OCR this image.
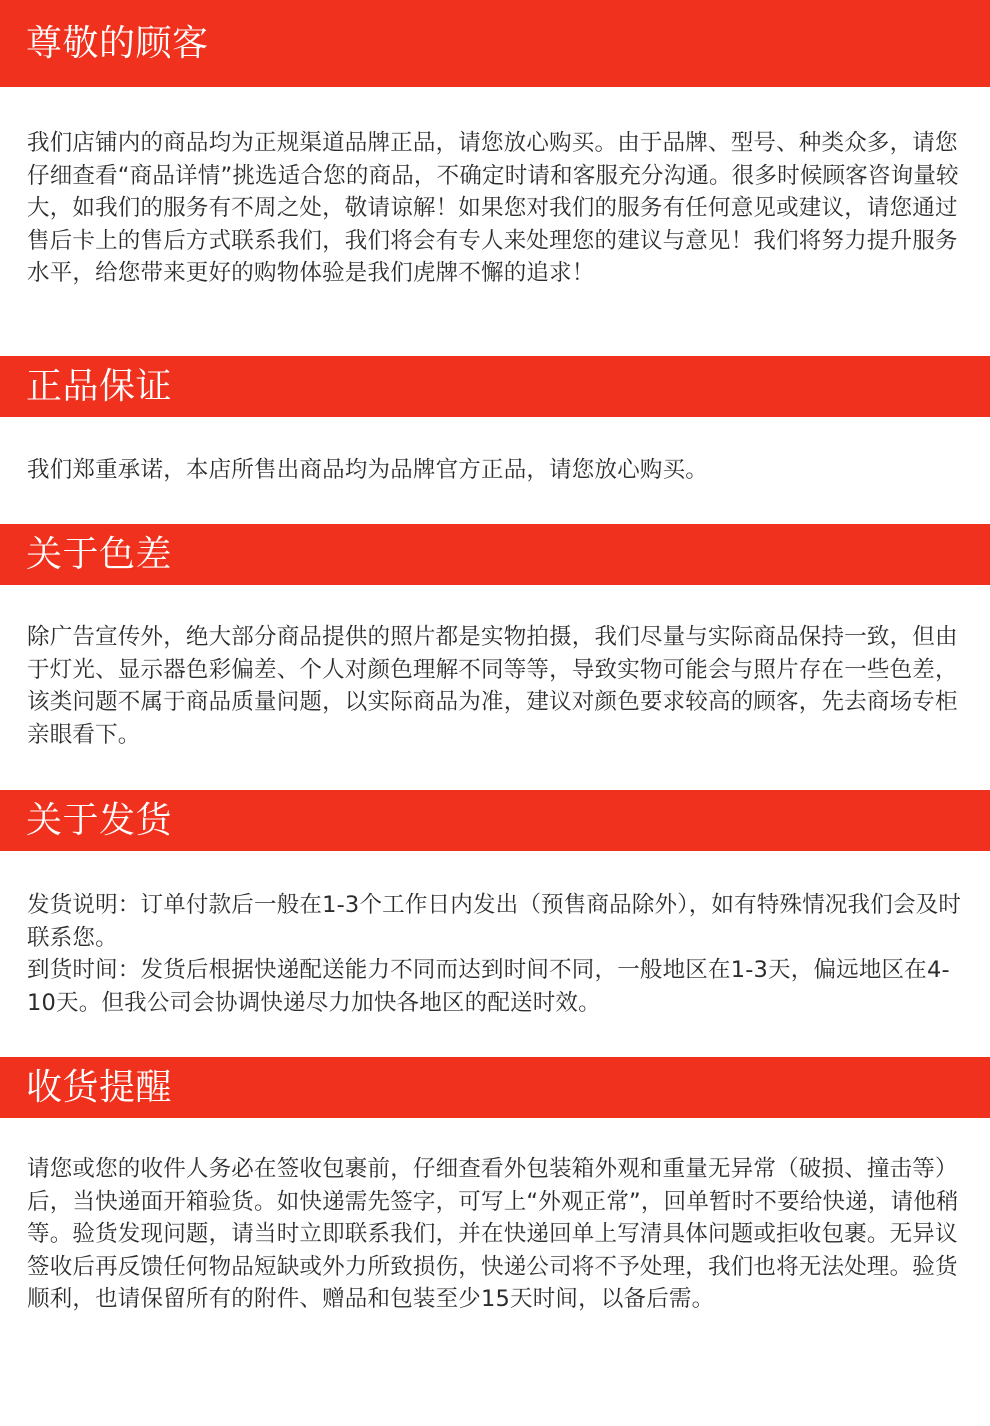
尊敬的顾客

我们店铺内的商品均为正规渠道品牌正品，请您放心购买。由于品牌、型号、种类众多，请您仔细查看“商品详情”挑选适合您的商品，不确定时请和客服充分沟通。很多时候顾客咨询量较大，如我们的服务有不周之处，敬请谅解！如果您对我们的服务有任何意见或建议，请您通过售后卡上的售后方式联系我们，我们将会有专人来处理您的建议与意见！我们将努力提升服务水平，给您带来更好的购物体验是我们虎牌不懈的追求！

正品保证

我们郑重承诺，本店所售出商品均为品牌官方正品，请您放心购买。

关于色差

除广告宣传外，绝大部分商品提供的照片都是实物拍摄，我们尽量与实际商品保持一致，但由于灯光、显示器色彩偏差、个人对颜色理解不同等等，导致实物可能会与照片存在一些色差，该类问题不属于商品质量问题，以实际商品为准，建议对颜色要求较高的顾客，先去商场专柜亲眼看下。

关于发货

发货说明：订单付款后一般在1-3个工作日内发出（预售商品除外），如有特殊情况我们会及时联系您。

到货时间：发货后根据快递配送能力不同而达到时间不同，一般地区在1-3天，偏远地区在4-10天。但我公司会协调快递尽力加快各地区的配送时效。

收货提醒

请您或您的收件人务必在签收包裹前，仔细查看外包装箱外观和重量无异常（破损、撞击等）后，当快递面开箱验货。如快递需先签字，可写上“外观正常”，回单暂时不要给快递，请他稍等。验货发现问题，请当时立即联系我们，并在快递回单上写清具体问题或拒收包裹。无异议签收后再反馈任何物品短缺或外力所致损伤，快递公司将不予处理，我们也将无法处理。验货顺利，也请保留所有的附件、赠品和包装至少15天时间，以备后需。
